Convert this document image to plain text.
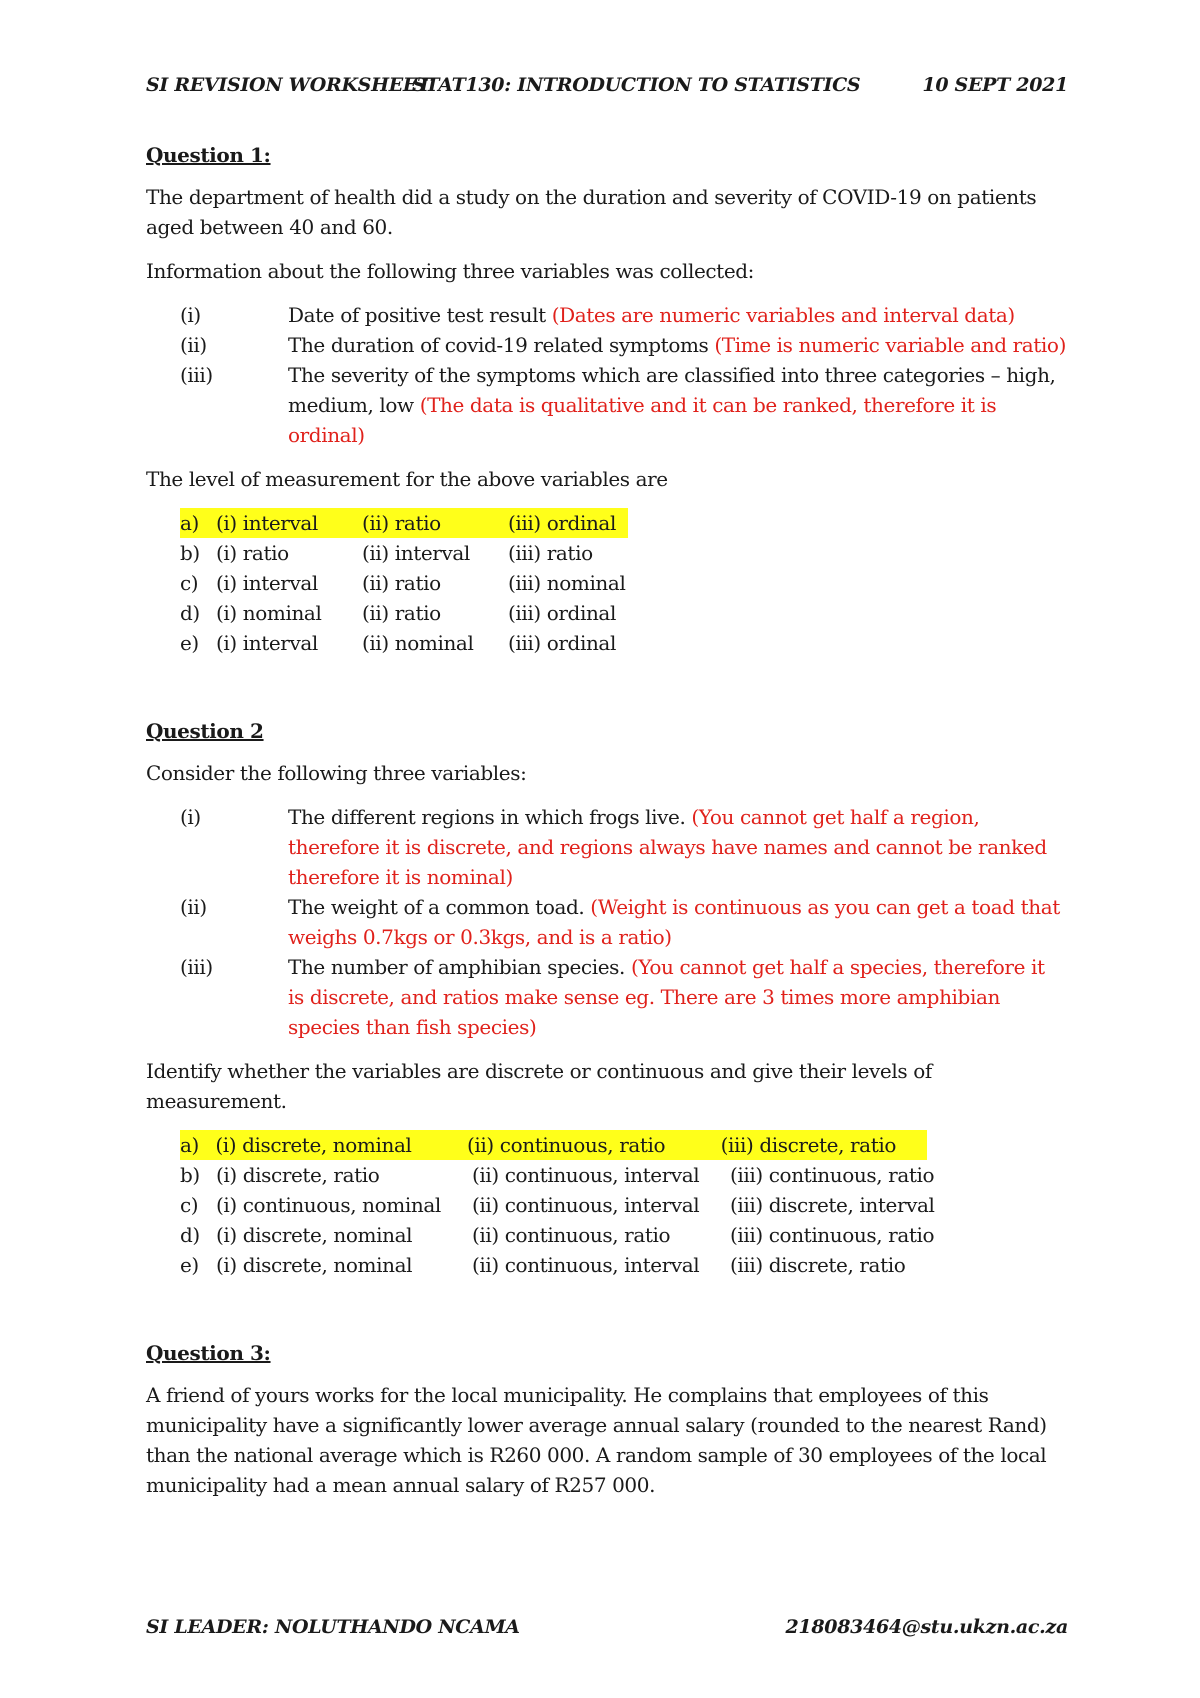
SI REVISION WORKSHEET
STAT130: INTRODUCTION TO STATISTICS	10 SEPT 2021
Question 1:
The department of health did a study on the duration and severity of COVID-19 on patients aged between 40 and 60.
Information about the following three variables was collected:
(i)	Date of positive test result (Dates are numeric variables and interval data)
(ii)	The duration of covid-19 related symptoms (Time is numeric variable and ratio)
(iii)	The severity of the symptoms which are classified into three categories – high, medium, low (The data is qualitative and it can be ranked, therefore it is ordinal)
The level of measurement for the above variables are
a) (i) interval	(ii) ratio	(iii) ordinal
b) (i) ratio	(ii) interval	(iii) ratio
c) (i) interval	(ii) ratio	(iii) nominal
d) (i) nominal	(ii) ratio	(iii) ordinal
e) (i) interval	(ii) nominal	(iii) ordinal
Question 2
Consider the following three variables:
(i)	The different regions in which frogs live. (You cannot get half a region, therefore it is discrete, and regions always have names and cannot be ranked therefore it is nominal)
(ii)	The weight of a common toad. (Weight is continuous as you can get a toad that weighs 0.7kgs or 0.3kgs, and is a ratio)
(iii)	The number of amphibian species. (You cannot get half a species, therefore it is discrete, and ratios make sense eg. There are 3 times more amphibian species than fish species)
Identify whether the variables are discrete or continuous and give their levels of measurement.
a) (i) discrete, nominal	(ii) continuous, ratio	(iii) discrete, ratio
b) (i) discrete, ratio	(ii) continuous, interval	(iii) continuous, ratio
c) (i) continuous, nominal	(ii) continuous, interval	(iii) discrete, interval
d) (i) discrete, nominal	(ii) continuous, ratio	(iii) continuous, ratio
e) (i) discrete, nominal	(ii) continuous, interval	(iii) discrete, ratio
Question 3:
A friend of yours works for the local municipality. He complains that employees of this municipality have a significantly lower average annual salary (rounded to the nearest Rand) than the national average which is R260 000. A random sample of 30 employees of the local municipality had a mean annual salary of R257 000.
SI LEADER: NOLUTHANDO NCAMA	218083464@stu.ukzn.ac.za
